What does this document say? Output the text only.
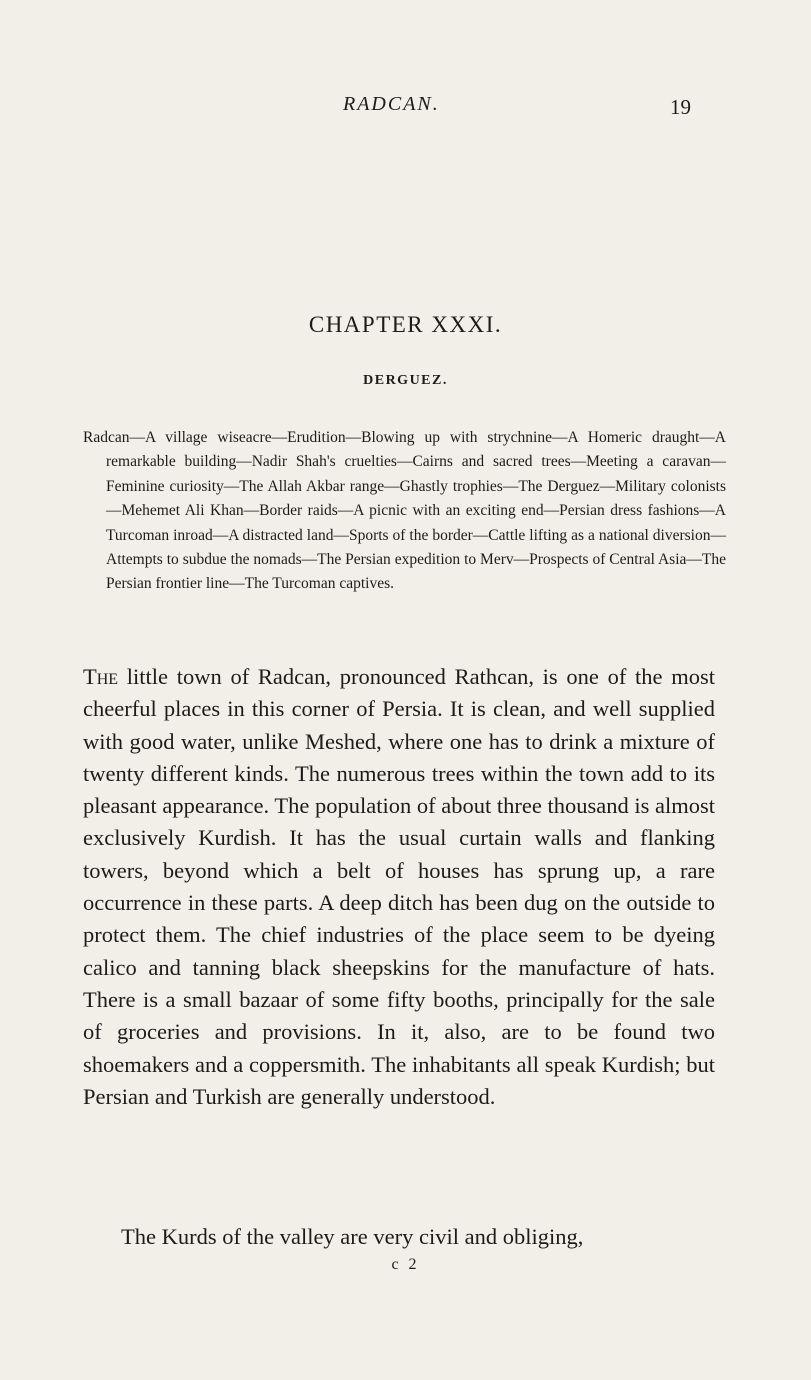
RADCAN.	19
CHAPTER XXXI.
DERGUEZ.
Radcan—A village wiseacre—Erudition—Blowing up with strychnine—A Homeric draught—A remarkable building—Nadir Shah's cruelties—Cairns and sacred trees—Meeting a caravan—Feminine curiosity—The Allah Akbar range—Ghastly trophies—The Derguez—Military colonists—Mehemet Ali Khan—Border raids—A picnic with an exciting end—Persian dress fashions—A Turcoman inroad—A distracted land—Sports of the border—Cattle lifting as a national diversion—Attempts to subdue the nomads—The Persian expedition to Merv—Prospects of Central Asia—The Persian frontier line—The Turcoman captives.

The little town of Radcan, pronounced Rathcan, is one of the most cheerful places in this corner of Persia. It is clean, and well supplied with good water, unlike Meshed, where one has to drink a mixture of twenty different kinds. The numerous trees within the town add to its pleasant appearance. The population of about three thousand is almost exclusively Kurdish. It has the usual curtain walls and flanking towers, beyond which a belt of houses has sprung up, a rare occurrence in these parts. A deep ditch has been dug on the outside to protect them. The chief industries of the place seem to be dyeing calico and tanning black sheepskins for the manufacture of hats. There is a small bazaar of some fifty booths, principally for the sale of groceries and provisions. In it, also, are to be found two shoemakers and a coppersmith. The inhabitants all speak Kurdish; but Persian and Turkish are generally understood.

The Kurds of the valley are very civil and obliging,

c 2
